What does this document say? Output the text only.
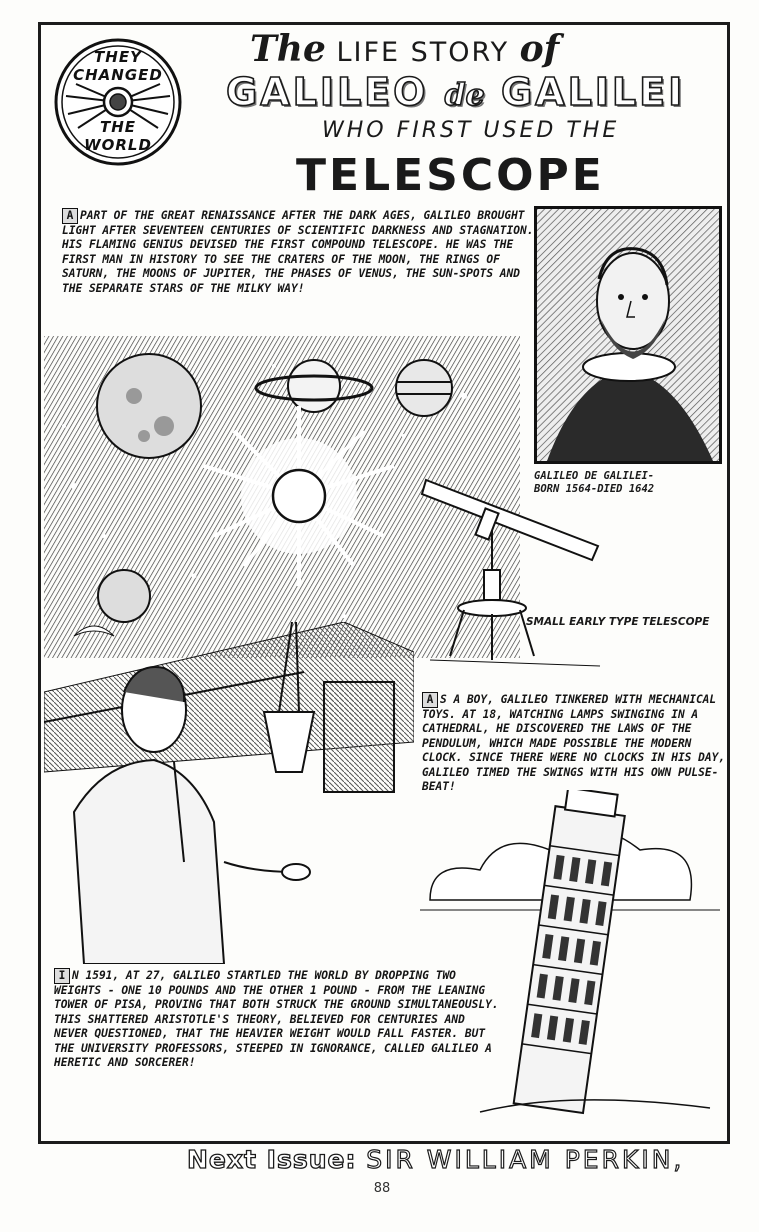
THEY
CHANGED
THE
WORLD
The LIFE STORY of
GALILEO de GALILEI
WHO FIRST USED THE
TELESCOPE
A PART OF THE GREAT RENAISSANCE AFTER THE DARK AGES, GALILEO BROUGHT LIGHT AFTER SEVENTEEN CENTURIES OF SCIENTIFIC DARKNESS AND STAGNATION. HIS FLAMING GENIUS DEVISED THE FIRST COMPOUND TELESCOPE. HE WAS THE FIRST MAN IN HISTORY TO SEE THE CRATERS OF THE MOON, THE RINGS OF SATURN, THE MOONS OF JUPITER, THE PHASES OF VENUS, THE SUN-SPOTS AND THE SEPARATE STARS OF THE MILKY WAY!
GALILEO DE GALILEI-
BORN 1564-DIED 1642
SMALL EARLY TYPE TELESCOPE
A S A BOY, GALILEO TINKERED WITH MECHANICAL TOYS. AT 18, WATCHING LAMPS SWINGING IN A CATHEDRAL, HE DISCOVERED THE LAWS OF THE PENDULUM, WHICH MADE POSSIBLE THE MODERN CLOCK. SINCE THERE WERE NO CLOCKS IN HIS DAY, GALILEO TIMED THE SWINGS WITH HIS OWN PULSE-BEAT!
I N 1591, AT 27, GALILEO STARTLED THE WORLD BY DROPPING TWO WEIGHTS - ONE 10 POUNDS AND THE OTHER 1 POUND - FROM THE LEANING TOWER OF PISA, PROVING THAT BOTH STRUCK THE GROUND SIMULTANEOUSLY. THIS SHATTERED ARISTOTLE'S THEORY, BELIEVED FOR CENTURIES AND NEVER QUESTIONED, THAT THE HEAVIER WEIGHT WOULD FALL FASTER. BUT THE UNIVERSITY PROFESSORS, STEEPED IN IGNORANCE, CALLED GALILEO A HERETIC AND SORCERER!
Next Issue: SIR WILLIAM PERKIN,
88
